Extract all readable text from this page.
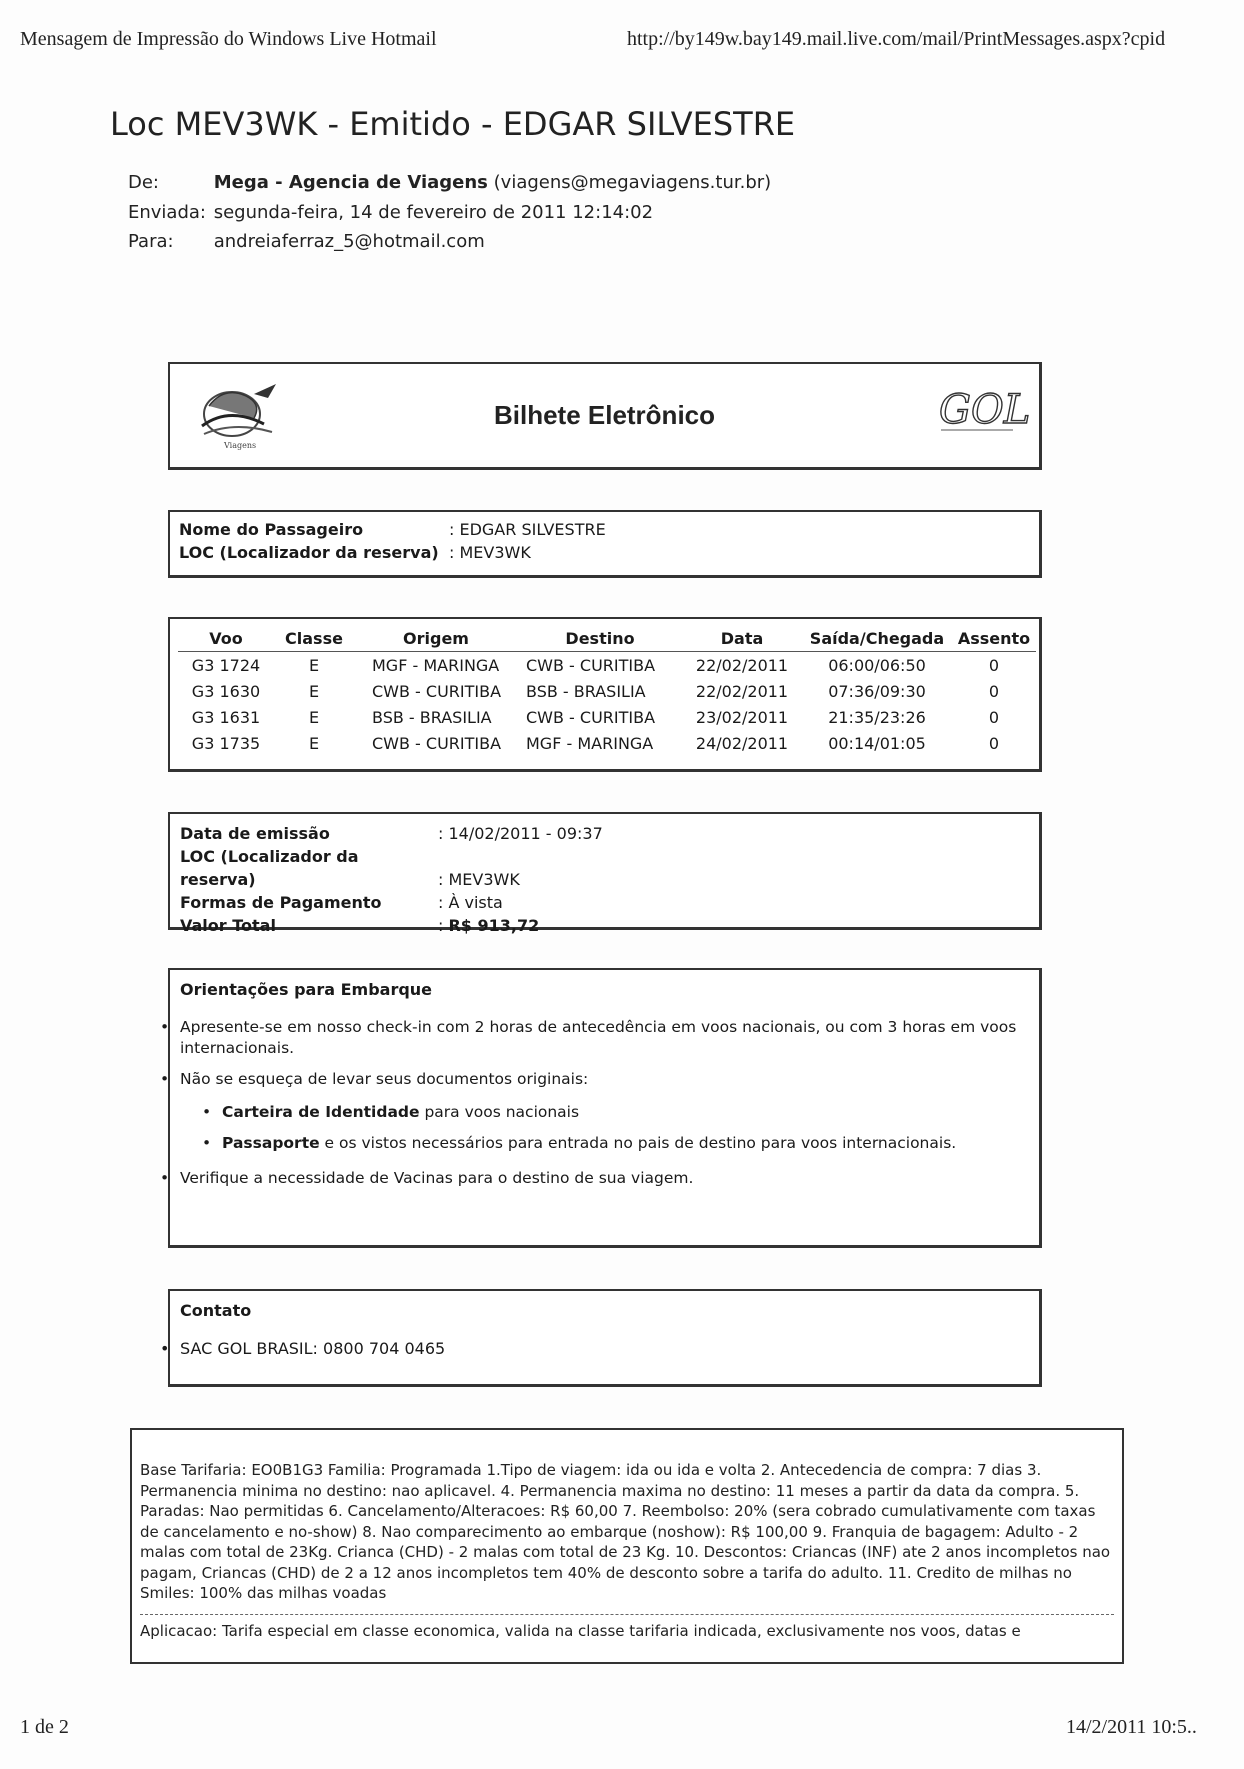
Mensagem de Impressão do Windows Live Hotmail	http://by149w.bay149.mail.live.com/mail/PrintMessages.aspx?cpid
Loc MEV3WK - Emitido - EDGAR SILVESTRE
De:	Mega - Agencia de Viagens (viagens@megaviagens.tur.br)
Enviada: segunda-feira, 14 de fevereiro de 2011 12:14:02
Para: andreiaferraz_5@hotmail.com
Viagens
Bilhete Eletrônico	GOL
Nome do Passageiro	: EDGAR SILVESTRE
LOC (Localizador da reserva) : MEV3WK
Voo	Classe	Origem	Destino	Data	Saída/Chegada	Assento
G3 1724	E	MGF - MARINGA	CWB - CURITIBA	22/02/2011	06:00/06:50	0
G3 1630	E	CWB - CURITIBA	BSB - BRASILIA	22/02/2011	07:36/09:30	0
G3 1631	E	BSB - BRASILIA	CWB - CURITIBA	23/02/2011	21:35/23:26	0
G3 1735	E	CWB - CURITIBA	MGF - MARINGA	24/02/2011	00:14/01:05	0
Data de emissão	: 14/02/2011 - 09:37
LOC (Localizador da reserva)	: MEV3WK
Formas de Pagamento	: À vista
Valor Total	: R$ 913,72
Orientações para Embarque
• Apresente-se em nosso check-in com 2 horas de antecedência em voos nacionais, ou com 3 horas em voos internacionais.
• Não se esqueça de levar seus documentos originais:
• Carteira de Identidade para voos nacionais
• Passaporte e os vistos necessários para entrada no pais de destino para voos internacionais.
• Verifique a necessidade de Vacinas para o destino de sua viagem.
Contato
• SAC GOL BRASIL: 0800 704 0465
Base Tarifaria: EO0B1G3 Familia: Programada 1.Tipo de viagem: ida ou ida e volta 2. Antecedencia de compra: 7 dias 3. Permanencia minima no destino: nao aplicavel. 4. Permanencia maxima no destino: 11 meses a partir da data da compra. 5. Paradas: Nao permitidas 6. Cancelamento/Alteracoes: R$ 60,00 7. Reembolso: 20% (sera cobrado cumulativamente com taxas de cancelamento e no-show) 8. Nao comparecimento ao embarque (noshow): R$ 100,00 9. Franquia de bagagem: Adulto - 2 malas com total de 23Kg. Crianca (CHD) - 2 malas com total de 23 Kg. 10. Descontos: Criancas (INF) ate 2 anos incompletos nao pagam, Criancas (CHD) de 2 a 12 anos incompletos tem 40% de desconto sobre a tarifa do adulto. 11. Credito de milhas no Smiles: 100% das milhas voadas
Aplicacao: Tarifa especial em classe economica, valida na classe tarifaria indicada, exclusivamente nos voos, datas e
1 de 2	14/2/2011 10:5..
